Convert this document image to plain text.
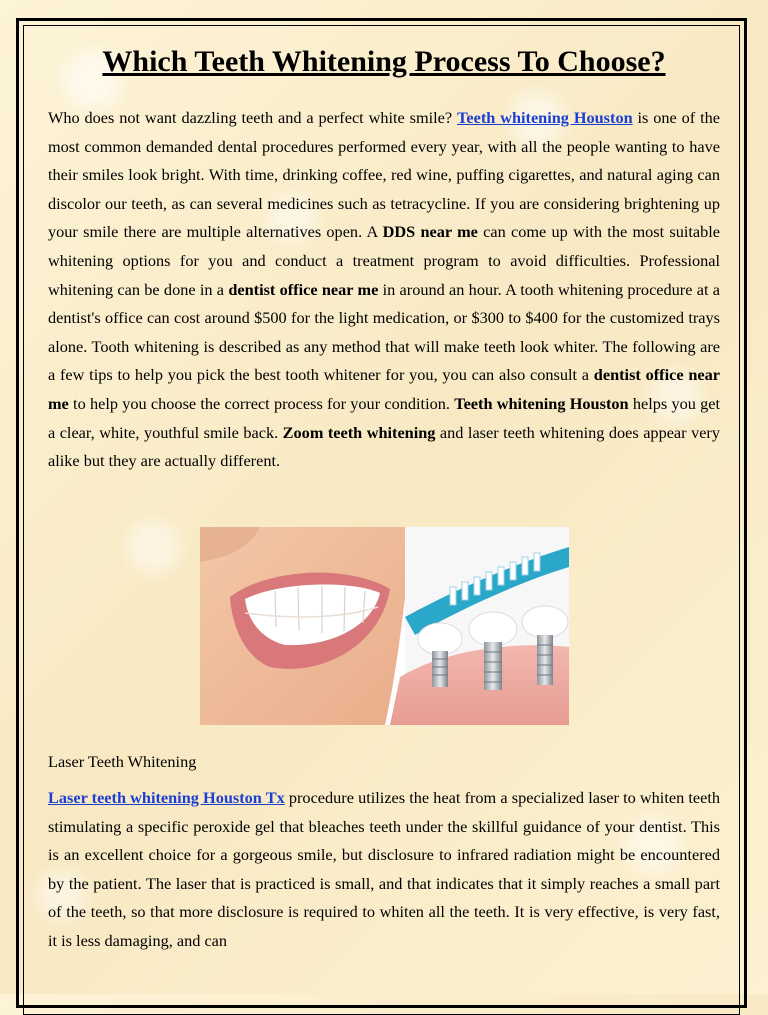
Which Teeth Whitening Process To Choose?

Who does not want dazzling teeth and a perfect white smile? Teeth whitening Houston is one of the most common demanded dental procedures performed every year, with all the people wanting to have their smiles look bright. With time, drinking coffee, red wine, puffing cigarettes, and natural aging can discolor our teeth, as can several medicines such as tetracycline. If you are considering brightening up your smile there are multiple alternatives open. A DDS near me can come up with the most suitable whitening options for you and conduct a treatment program to avoid difficulties. Professional whitening can be done in a dentist office near me in around an hour. A tooth whitening procedure at a dentist's office can cost around $500 for the light medication, or $300 to $400 for the customized trays alone. Tooth whitening is described as any method that will make teeth look whiter. The following are a few tips to help you pick the best tooth whitener for you, you can also consult a dentist office near me to help you choose the correct process for your condition. Teeth whitening Houston helps you get a clear, white, youthful smile back. Zoom teeth whitening and laser teeth whitening does appear very alike but they are actually different.

Laser Teeth Whitening

Laser teeth whitening Houston Tx procedure utilizes the heat from a specialized laser to whiten teeth stimulating a specific peroxide gel that bleaches teeth under the skillful guidance of your dentist. This is an excellent choice for a gorgeous smile, but disclosure to infrared radiation might be encountered by the patient. The laser that is practiced is small, and that indicates that it simply reaches a small part of the teeth, so that more disclosure is required to whiten all the teeth. It is very effective, is very fast, it is less damaging, and can
